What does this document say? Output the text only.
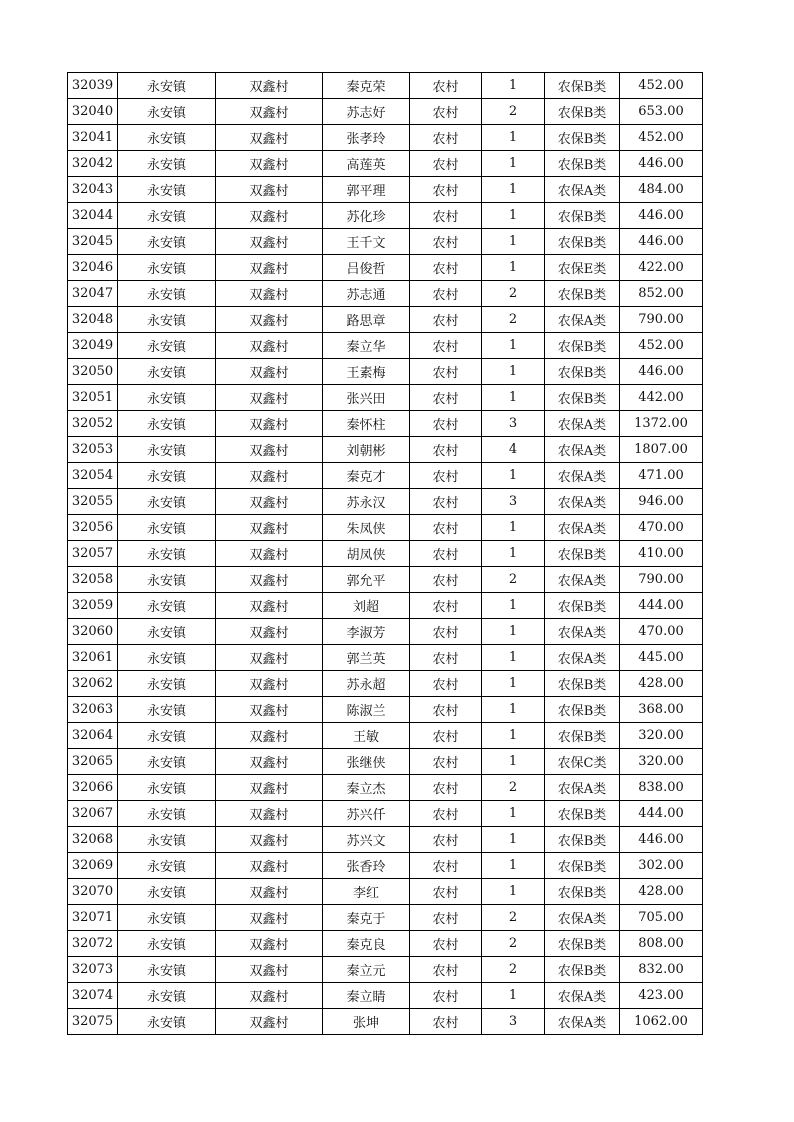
32039	永安镇	双鑫村	秦克荣	农村	1	农保B类	452.00
32040	永安镇	双鑫村	苏志好	农村	2	农保B类	653.00
32041	永安镇	双鑫村	张孝玲	农村	1	农保B类	452.00
32042	永安镇	双鑫村	高莲英	农村	1	农保B类	446.00
32043	永安镇	双鑫村	郭平理	农村	1	农保A类	484.00
32044	永安镇	双鑫村	苏化珍	农村	1	农保B类	446.00
32045	永安镇	双鑫村	王千文	农村	1	农保B类	446.00
32046	永安镇	双鑫村	吕俊哲	农村	1	农保E类	422.00
32047	永安镇	双鑫村	苏志通	农村	2	农保B类	852.00
32048	永安镇	双鑫村	路思章	农村	2	农保A类	790.00
32049	永安镇	双鑫村	秦立华	农村	1	农保B类	452.00
32050	永安镇	双鑫村	王素梅	农村	1	农保B类	446.00
32051	永安镇	双鑫村	张兴田	农村	1	农保B类	442.00
32052	永安镇	双鑫村	秦怀柱	农村	3	农保A类	1372.00
32053	永安镇	双鑫村	刘朝彬	农村	4	农保A类	1807.00
32054	永安镇	双鑫村	秦克才	农村	1	农保A类	471.00
32055	永安镇	双鑫村	苏永汉	农村	3	农保A类	946.00
32056	永安镇	双鑫村	朱凤侠	农村	1	农保A类	470.00
32057	永安镇	双鑫村	胡凤侠	农村	1	农保B类	410.00
32058	永安镇	双鑫村	郭允平	农村	2	农保A类	790.00
32059	永安镇	双鑫村	刘超	农村	1	农保B类	444.00
32060	永安镇	双鑫村	李淑芳	农村	1	农保A类	470.00
32061	永安镇	双鑫村	郭兰英	农村	1	农保A类	445.00
32062	永安镇	双鑫村	苏永超	农村	1	农保B类	428.00
32063	永安镇	双鑫村	陈淑兰	农村	1	农保B类	368.00
32064	永安镇	双鑫村	王敏	农村	1	农保B类	320.00
32065	永安镇	双鑫村	张继侠	农村	1	农保C类	320.00
32066	永安镇	双鑫村	秦立杰	农村	2	农保A类	838.00
32067	永安镇	双鑫村	苏兴仟	农村	1	农保B类	444.00
32068	永安镇	双鑫村	苏兴文	农村	1	农保B类	446.00
32069	永安镇	双鑫村	张香玲	农村	1	农保B类	302.00
32070	永安镇	双鑫村	李红	农村	1	农保B类	428.00
32071	永安镇	双鑫村	秦克于	农村	2	农保A类	705.00
32072	永安镇	双鑫村	秦克良	农村	2	农保B类	808.00
32073	永安镇	双鑫村	秦立元	农村	2	农保B类	832.00
32074	永安镇	双鑫村	秦立睛	农村	1	农保A类	423.00
32075	永安镇	双鑫村	张坤	农村	3	农保A类	1062.00
